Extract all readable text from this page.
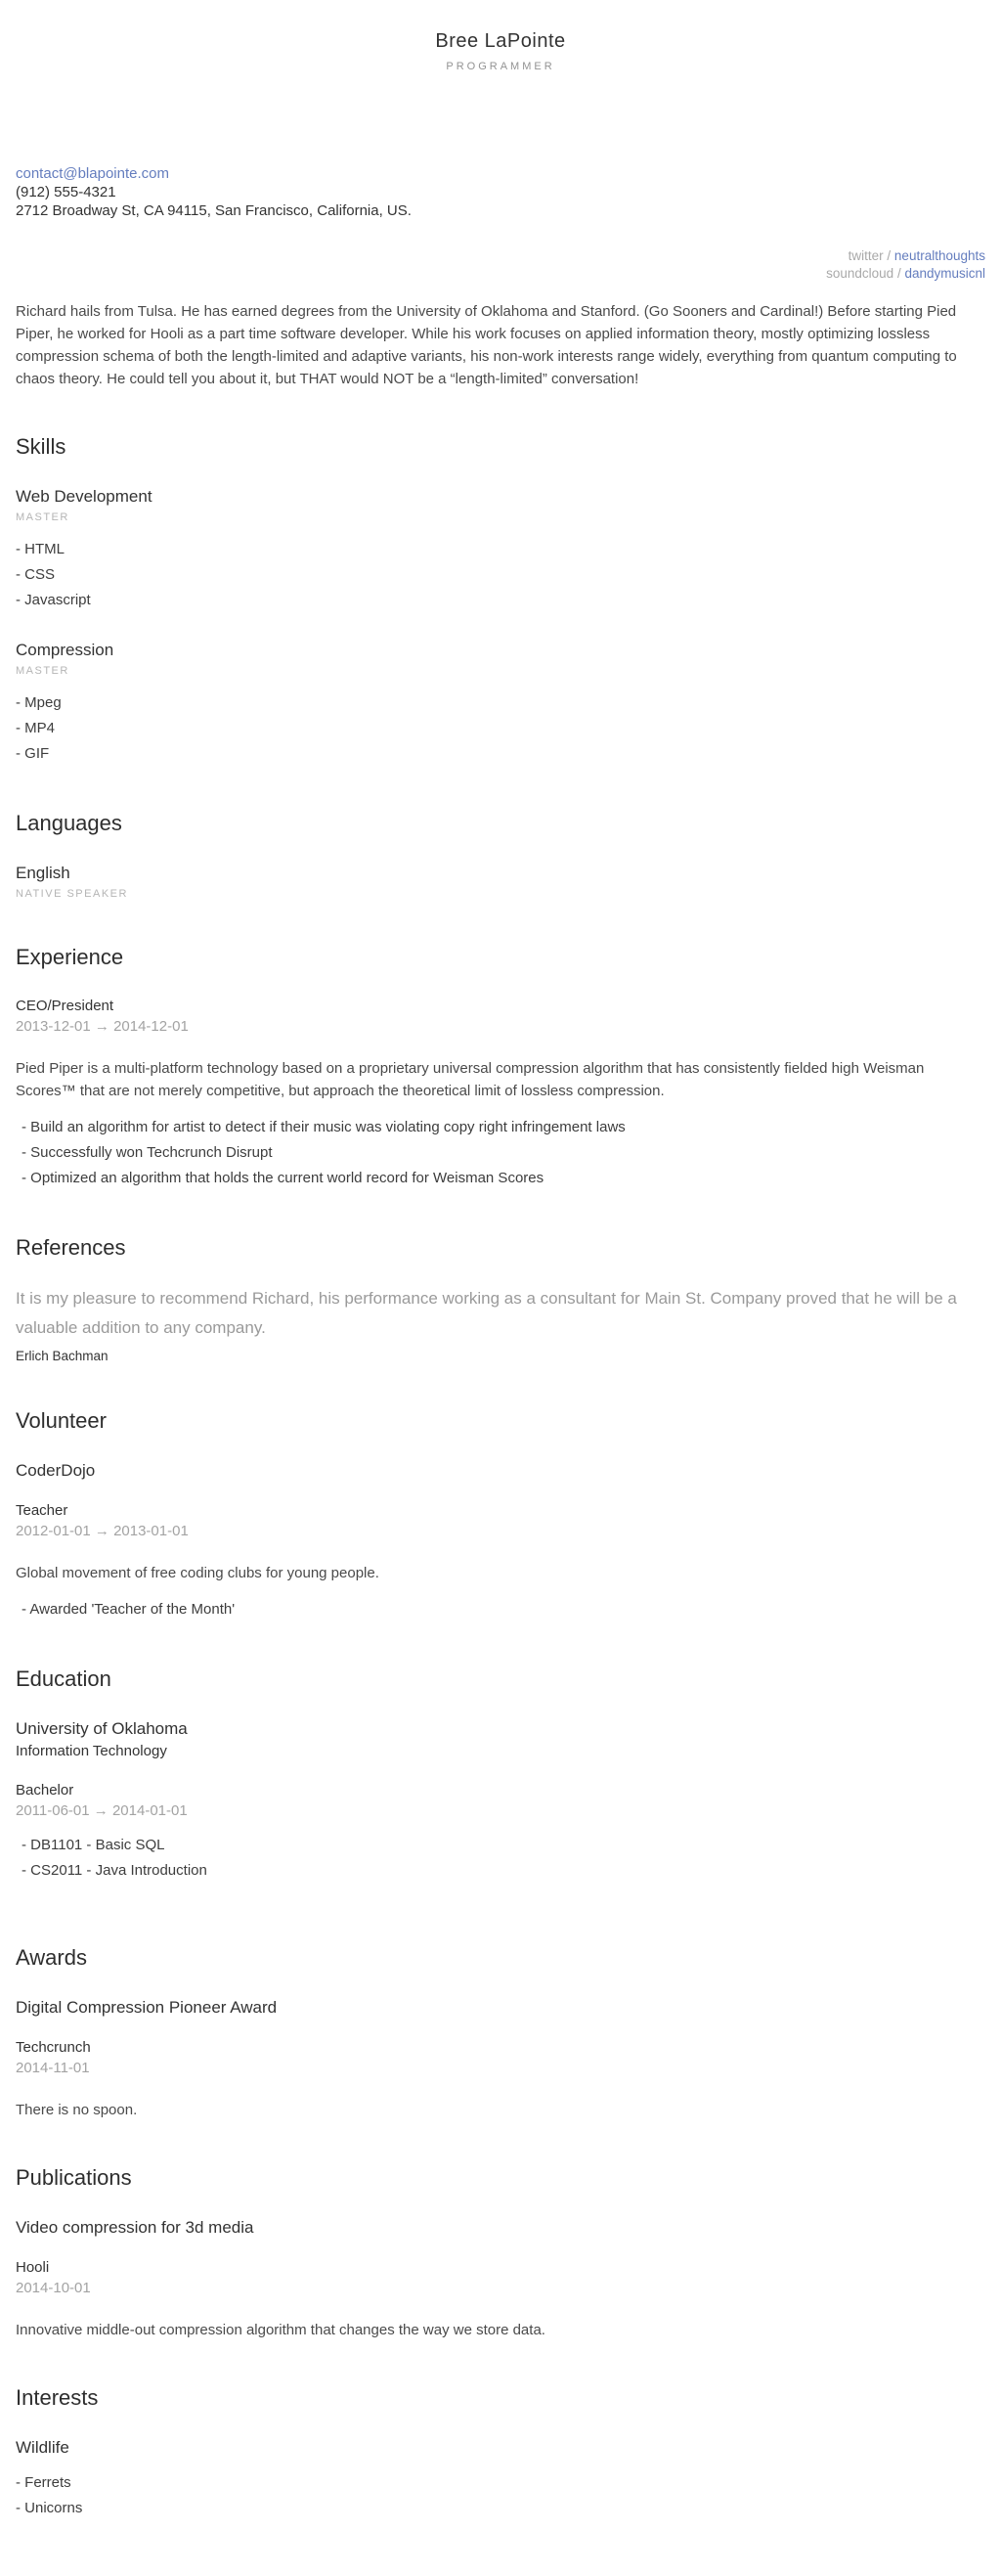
Bree LaPointe
PROGRAMMER
contact@blapointe.com
(912) 555-4321
2712 Broadway St, CA 94115, San Francisco, California, US.
twitter / neutralthoughts
soundcloud / dandymusicnl

Richard hails from Tulsa. He has earned degrees from the University of Oklahoma and Stanford. (Go Sooners and Cardinal!) Before starting Pied Piper, he worked for Hooli as a part time software developer. While his work focuses on applied information theory, mostly optimizing lossless compression schema of both the length-limited and adaptive variants, his non-work interests range widely, everything from quantum computing to chaos theory. He could tell you about it, but THAT would NOT be a “length-limited” conversation!

Skills
Web Development
MASTER
- HTML
- CSS
- Javascript
Compression
MASTER
- Mpeg
- MP4
- GIF
Languages
English
NATIVE SPEAKER
Experience
CEO/President
2013-12-01 → 2014-12-01

Pied Piper is a multi-platform technology based on a proprietary universal compression algorithm that has consistently fielded high Weisman Scores™ that are not merely competitive, but approach the theoretical limit of lossless compression.

- Build an algorithm for artist to detect if their music was violating copy right infringement laws
- Successfully won Techcrunch Disrupt
- Optimized an algorithm that holds the current world record for Weisman Scores
References

It is my pleasure to recommend Richard, his performance working as a consultant for Main St. Company proved that he will be a valuable addition to any company.

Erlich Bachman
Volunteer
CoderDojo
Teacher
2012-01-01 → 2013-01-01

Global movement of free coding clubs for young people.

- Awarded 'Teacher of the Month'
Education
University of Oklahoma
Information Technology
Bachelor
2011-06-01 → 2014-01-01
- DB1101 - Basic SQL
- CS2011 - Java Introduction
Awards
Digital Compression Pioneer Award
Techcrunch
2014-11-01

There is no spoon.

Publications
Video compression for 3d media
Hooli
2014-10-01

Innovative middle-out compression algorithm that changes the way we store data.

Interests
Wildlife
- Ferrets
- Unicorns
